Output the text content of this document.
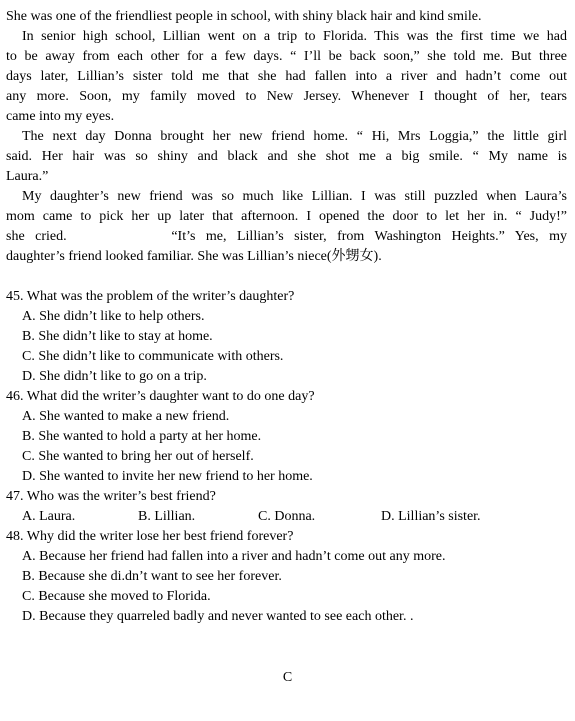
She was one of the friendliest people in school, with shiny black hair and kind smile.
In senior high school, Lillian went on a trip to Florida. This was the first time we had
to be away from each other for a few days. “ I’ll be back soon,” she told me. But three
days later, Lillian’s sister told me that she had fallen into a river and hadn’t come out
any more. Soon, my family moved to New Jersey. Whenever I thought of her, tears
came into my eyes.
The next day Donna brought her new friend home. “ Hi, Mrs Loggia,” the little girl
said. Her hair was so shiny and black and she shot me a big smile. “ My name is
Laura.”
My daughter’s new friend was so much like Lillian. I was still puzzled when Laura’s
mom came to pick her up later that afternoon. I opened the door to let her in. “ Judy!”
she cried.          “It’s me, Lillian’s sister, from Washington Heights.” Yes, my
daughter’s friend looked familiar. She was Lillian’s niece(外甥女).
45. What was the problem of the writer’s daughter?
A. She didn’t like to help others.
B. She didn’t like to stay at home.
C. She didn’t like to communicate with others.
D. She didn’t like to go on a trip.
46. What did the writer’s daughter want to do one day?
A. She wanted to make a new friend.
B. She wanted to hold a party at her home.
C. She wanted to bring her out of herself.
D. She wanted to invite her new friend to her home.
47. Who was the writer’s best friend?
A. Laura.	B. Lillian.	C. Donna.	D. Lillian’s sister.
48. Why did the writer lose her best friend forever?
A. Because her friend had fallen into a river and hadn’t come out any more.
B. Because she di.dn’t want to see her forever.
C. Because she moved to Florida.
D. Because they quarreled badly and never wanted to see each other. .
C
